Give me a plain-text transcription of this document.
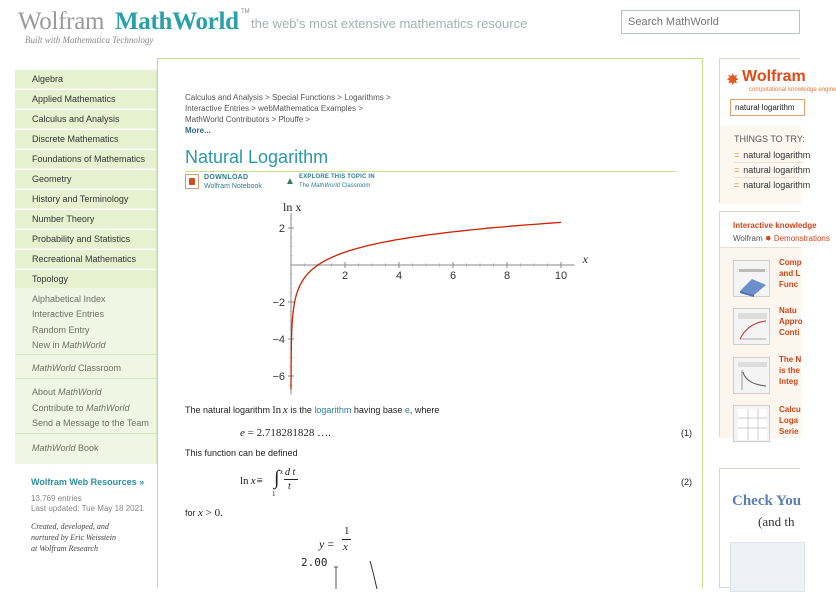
Wolfram MathWorld TM
Built with Mathematica Technology
the web's most extensive mathematics resource
Search MathWorld
Algebra
Applied Mathematics
Calculus and Analysis
Discrete Mathematics
Foundations of Mathematics
Geometry
History and Terminology
Number Theory
Probability and Statistics
Recreational Mathematics
Topology
Alphabetical Index
Interactive Entries
Random Entry
New in MathWorld
MathWorld Classroom
About MathWorld
Contribute to MathWorld
Send a Message to the Team
MathWorld Book
Wolfram Web Resources »
13,769 entries
Last updated: Tue May 18 2021
Created, developed, and
nurtured by Eric Weisstein
at Wolfram Research
Calculus and Analysis > Special Functions > Logarithms >
Interactive Entries > webMathematica Examples >
MathWorld Contributors > Plouffe >
More...
Natural Logarithm
DOWNLOAD
Wolfram Notebook ▲ EXPLORE THIS TOPIC IN
The MathWorld Classroom
2	4	6	8	10
2
−2
−4
−6
ln x
x
The natural logarithm ln  x is the logarithm having base e, where
e = 2.718281828 ….	(1)
This function can be defined
ln  x ≡ ∫ x
1
d t
t	(2)
for x > 0.
y =
1
x
2.00
✸ Wolfram
computational knowledge engine
natural logarithm
THINGS TO TRY:
= natural logarithm
= natural logarithm
= natural logarithm
Interactive knowledge
Wolfram ✸ Demonstrations
Comp
and L
Func
Natu
Appro
Conti
The N
is the
Integ
Calcu
Loga
Serie
Check You
(and th
